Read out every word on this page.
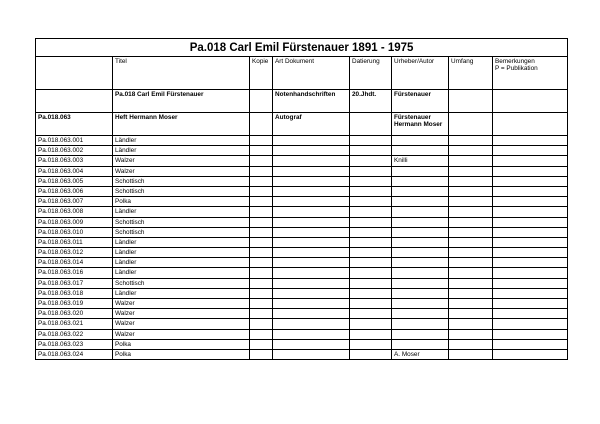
Pa.018 Carl Emil Fürstenauer 1891 - 1975							
	Titel	Kopie	Art Dokument	Datierung	Urheber/Autor	Umfang	Bemerkungen
P = Publikation
	Pa.018 Carl Emil Fürstenauer		Notenhandschriften	20.Jhdt.	Fürstenauer		
Pa.018.063	Heft Hermann Moser		Autograf		Fürstenauer
Hermann Moser		
Pa.018.063.001	Ländler						
Pa.018.063.002	Ländler						
Pa.018.063.003	Walzer				Knilli		
Pa.018.063.004	Walzer						
Pa.018.063.005	Schottisch						
Pa.018.063.006	Schottisch						
Pa.018.063.007	Polka						
Pa.018.063.008	Ländler						
Pa.018.063.009	Schottisch						
Pa.018.063.010	Schottisch						
Pa.018.063.011	Ländler						
Pa.018.063.012	Ländler						
Pa.018.063.014	Ländler						
Pa.018.063.016	Ländler						
Pa.018.063.017	Schottisch						
Pa.018.063.018	Ländler						
Pa.018.063.019	Walzer						
Pa.018.063.020	Walzer						
Pa.018.063.021	Walzer						
Pa.018.063.022	Walzer						
Pa.018.063.023	Polka						
Pa.018.063.024	Polka				A. Moser		
